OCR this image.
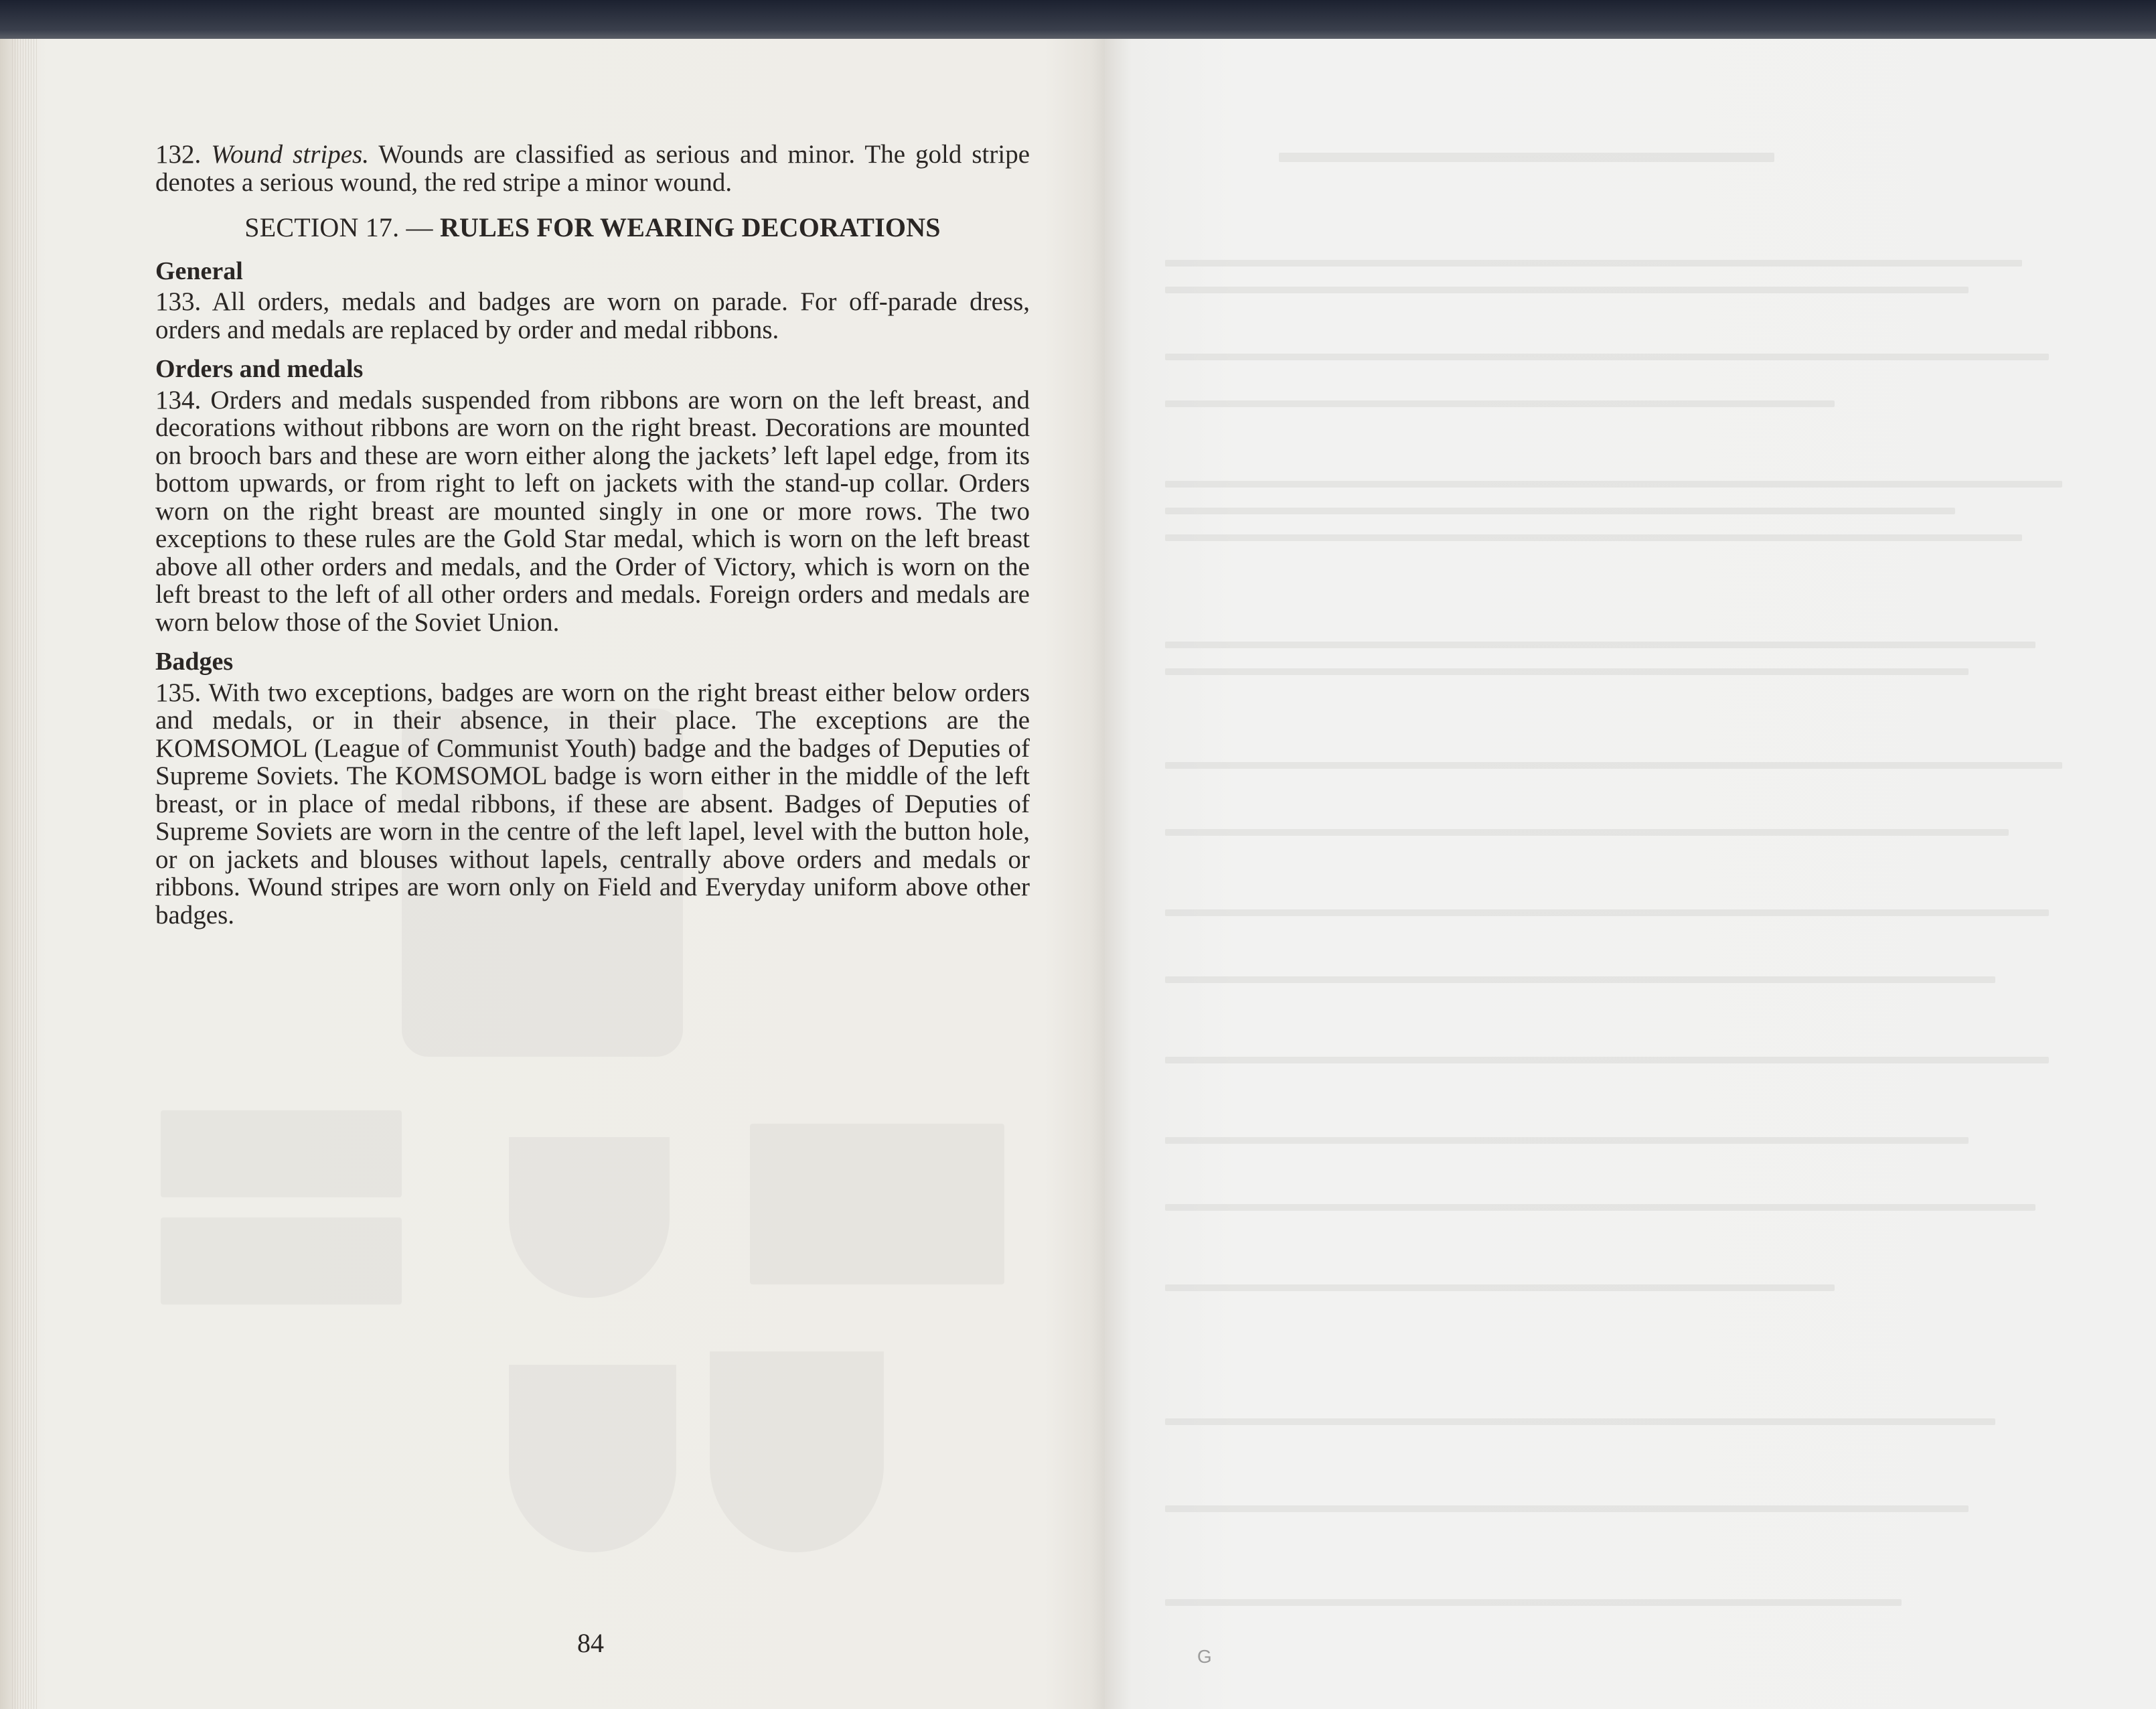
132. Wound stripes. Wounds are classified as serious and minor. The gold stripe denotes a serious wound, the red stripe a minor wound.

SECTION 17. — RULES FOR WEARING DECORATIONS
General

133. All orders, medals and badges are worn on parade. For off-parade dress, orders and medals are replaced by order and medal ribbons.

Orders and medals

134. Orders and medals suspended from ribbons are worn on the left breast, and decorations without ribbons are worn on the right breast. Decorations are mounted on brooch bars and these are worn either along the jackets’ left lapel edge, from its bottom upwards, or from right to left on jackets with the stand-up collar. Orders worn on the right breast are mounted singly in one or more rows. The two exceptions to these rules are the Gold Star medal, which is worn on the left breast above all other orders and medals, and the Order of Victory, which is worn on the left breast to the left of all other orders and medals. Foreign orders and medals are worn below those of the Soviet Union.

Badges

135. With two exceptions, badges are worn on the right breast either below orders and medals, or in their absence, in their place. The exceptions are the KOMSOMOL (League of Communist Youth) badge and the badges of Deputies of Supreme Soviets. The KOMSOMOL badge is worn either in the middle of the left breast, or in place of medal ribbons, if these are absent. Badges of Deputies of Supreme Soviets are worn in the centre of the left lapel, level with the button hole, or on jackets and blouses without lapels, centrally above orders and medals or ribbons. Wound stripes are worn only on Field and Everyday uniform above other badges.

84	G
